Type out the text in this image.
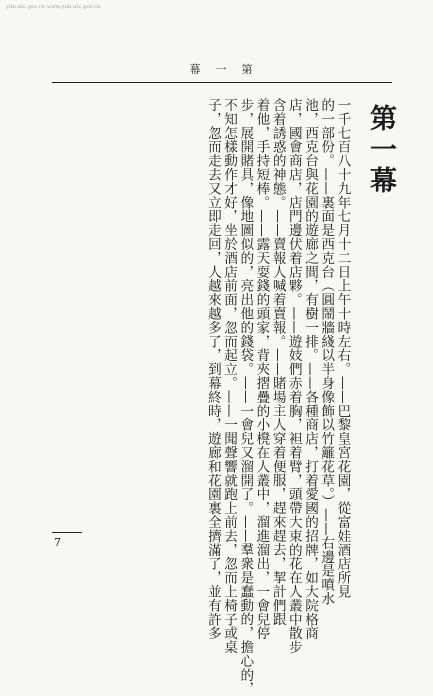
ylib.nlc.gov.cn·www.ylib.nlc.gov.cn
幕　一　第
第一幕
一千七百八十九年七月十二日上午十時左右。——巴黎皇宮花園，從富娃酒店所見
的一部份。——裏面是西克台（圓鬧牆綫以半身像飾以竹籬花草。）——右邊是噴水
池，西克台與花園的遊廊之間，有樹一排。——各種商店，打着愛國的招牌，如大院格商
店，國會商店，店門邊伏着店夥。——遊妓們赤着胸，袒着臂，頭帶大束的花在人叢中散步
含着誘惑的神態。——賣報人喊着賣報。——賭場主人穿着便服，趕來趕去，挈計們跟
着他，手持短棒。——露天耍錢的頭家，背夾摺疊的小櫈在人叢中，溜進溜出，一會兒停
步，展開賭具，像地圖似的，亮出他的錢袋。——一會兒又溜開了。——羣衆是蠢動的，擔心的，
不知怎樣動作才好，坐於酒店前面，忽而起立。——一聞聲響就跑上前去，忽而上椅子或桌
子，忽而走去又立即走回，人越來越多了，到幕終時，遊廊和花園裏全擠滿了，並有許多
7
